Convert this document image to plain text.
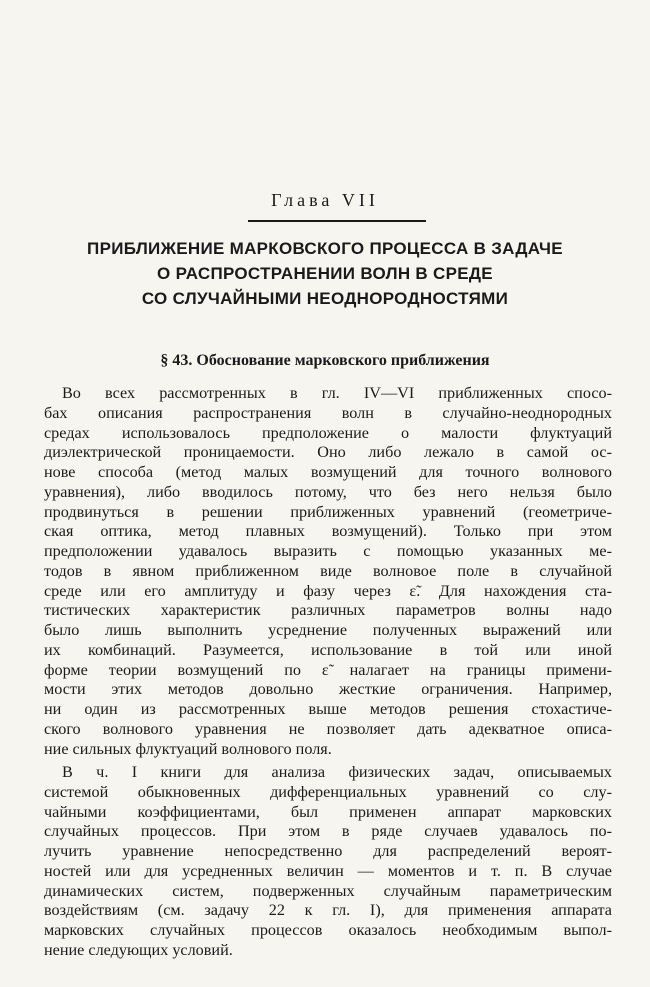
Глава VII
ПРИБЛИЖЕНИЕ МАРКОВСКОГО ПРОЦЕССА В ЗАДАЧЕ
О РАСПРОСТРАНЕНИИ ВОЛН В СРЕДЕ
СО СЛУЧАЙНЫМИ НЕОДНОРОДНОСТЯМИ
§ 43. Обоснование марковского приближения
Во всех рассмотренных в гл. IV—VI приближенных спосо-
бах описания распространения волн в случайно-неоднородных
средах использовалось предположение о малости флуктуаций
диэлектрической проницаемости. Оно либо лежало в самой ос-
нове способа (метод малых возмущений для точного волнового
уравнения), либо вводилось потому, что без него нельзя было
продвинуться в решении приближенных уравнений (геометриче-
ская оптика, метод плавных возмущений). Только при этом
предположении удавалось выразить с помощью указанных ме-
тодов в явном приближенном виде волновое поле в случайной
среде или его амплитуду и фазу через ε̃. Для нахождения ста-
тистических характеристик различных параметров волны надо
было лишь выполнить усреднение полученных выражений или
их комбинаций. Разумеется, использование в той или иной
форме теории возмущений по ε̃ налагает на границы примени-
мости этих методов довольно жесткие ограничения. Например,
ни один из рассмотренных выше методов решения стохастиче-
ского волнового уравнения не позволяет дать адекватное описа-
ние сильных флуктуаций волнового поля.
В ч. I книги для анализа физических задач, описываемых
системой обыкновенных дифференциальных уравнений со слу-
чайными коэффициентами, был применен аппарат марковских
случайных процессов. При этом в ряде случаев удавалось по-
лучить уравнение непосредственно для распределений вероят-
ностей или для усредненных величин — моментов и т. п. В случае
динамических систем, подверженных случайным параметрическим
воздействиям (см. задачу 22 к гл. I), для применения аппарата
марковских случайных процессов оказалось необходимым выпол-
нение следующих условий.
